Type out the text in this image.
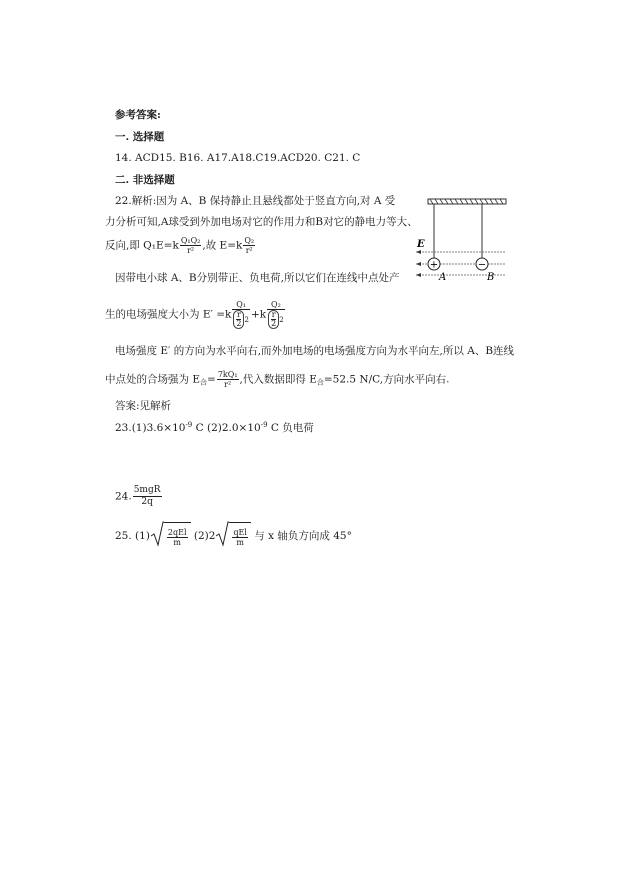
参考答案:
一. 选择题
14. ACD15. B16. A17.A18.C19.ACD20. C21. C
二. 非选择题
22.解析:因为 A、B 保持静止且悬线都处于竖直方向,对 A 受
力分析可知,A球受到外加电场对它的作用力和B对它的静电力等大、
反向,即 $Q_1E=k \frac{\text{Q₁Q₂}}{\text{r²}}$ ,故 $E=k \frac{\text{Q₂}}{\text{r²}}$
因带电小球 A、B分别带正、负电荷,所以它们在连线中点处产
生的电场强度大小为 $E' =k \frac{\text{Q₁}}{\frac{r}{2} 2} +k \frac{\text{Q₂}}{\frac{r}{2} 2}$
电场强度 E′ 的方向为水平向右,而外加电场的电场强度方向为水平向左,所以 A、B连线
中点处的合场强为 $E_合= \frac{\text{7kQ₁}}{\text{r²}}$ ,代入数据即得 $E_合=52.5$ N/C,方向水平向右.
答案:见解析
$23.(1)3.6\times 10^{-9}$ C $(2)2.0\times 10^{-9}$ C 负电荷
24. $\frac{\text{5mgR}}{2q}$
25. $(1) \frac{\text{2qEl}}{m} (2)2 \frac{\text{qEl}}{m}$ 与 x 轴负方向成 45°
+	−
E
A	B
